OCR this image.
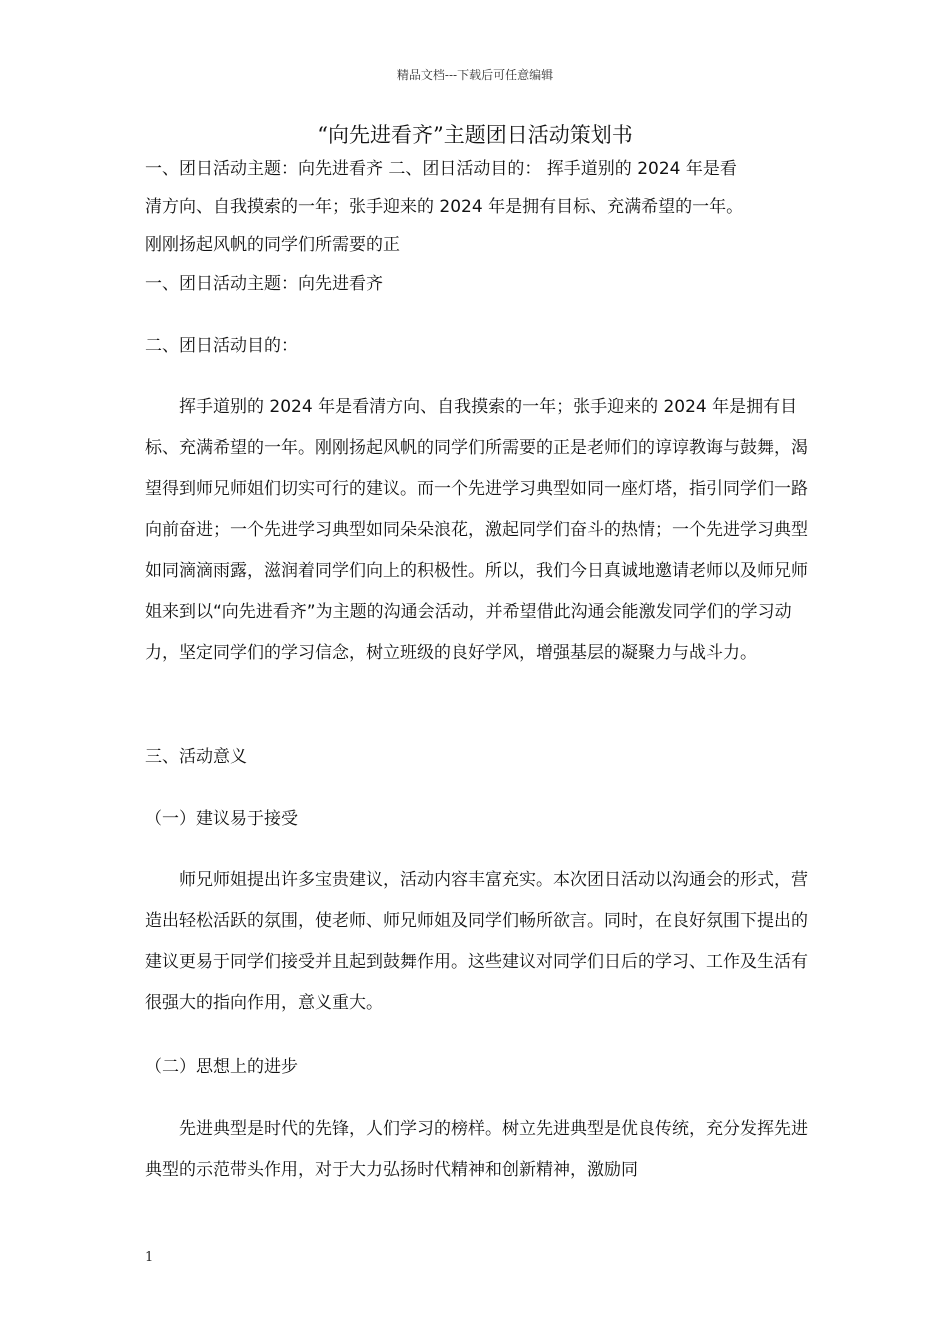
精品文档---下载后可任意编辑
“向先进看齐”主题团日活动策划书

一、团日活动主题：向先进看齐 二、团日活动目的： 挥手道别的 2024 年是看

清方向、自我摸索的一年；张手迎来的 2024 年是拥有目标、充满希望的一年。

刚刚扬起风帆的同学们所需要的正

一、团日活动主题：向先进看齐
二、团日活动目的：

挥手道别的 2024 年是看清方向、自我摸索的一年；张手迎来的 2024 年是拥有目标、充满希望的一年。刚刚扬起风帆的同学们所需要的正是老师们的谆谆教诲与鼓舞，渴望得到师兄师姐们切实可行的建议。而一个先进学习典型如同一座灯塔，指引同学们一路向前奋进；一个先进学习典型如同朵朵浪花，激起同学们奋斗的热情；一个先进学习典型如同滴滴雨露，滋润着同学们向上的积极性。所以，我们今日真诚地邀请老师以及师兄师姐来到以“向先进看齐”为主题的沟通会活动，并希望借此沟通会能激发同学们的学习动力，坚定同学们的学习信念，树立班级的良好学风，增强基层的凝聚力与战斗力。

三、活动意义
（一）建议易于接受

师兄师姐提出许多宝贵建议，活动内容丰富充实。本次团日活动以沟通会的形式，营造出轻松活跃的氛围，使老师、师兄师姐及同学们畅所欲言。同时，在良好氛围下提出的建议更易于同学们接受并且起到鼓舞作用。这些建议对同学们日后的学习、工作及生活有很强大的指向作用，意义重大。

（二）思想上的进步

先进典型是时代的先锋，人们学习的榜样。树立先进典型是优良传统，充分发挥先进典型的示范带头作用，对于大力弘扬时代精神和创新精神，激励同

1
